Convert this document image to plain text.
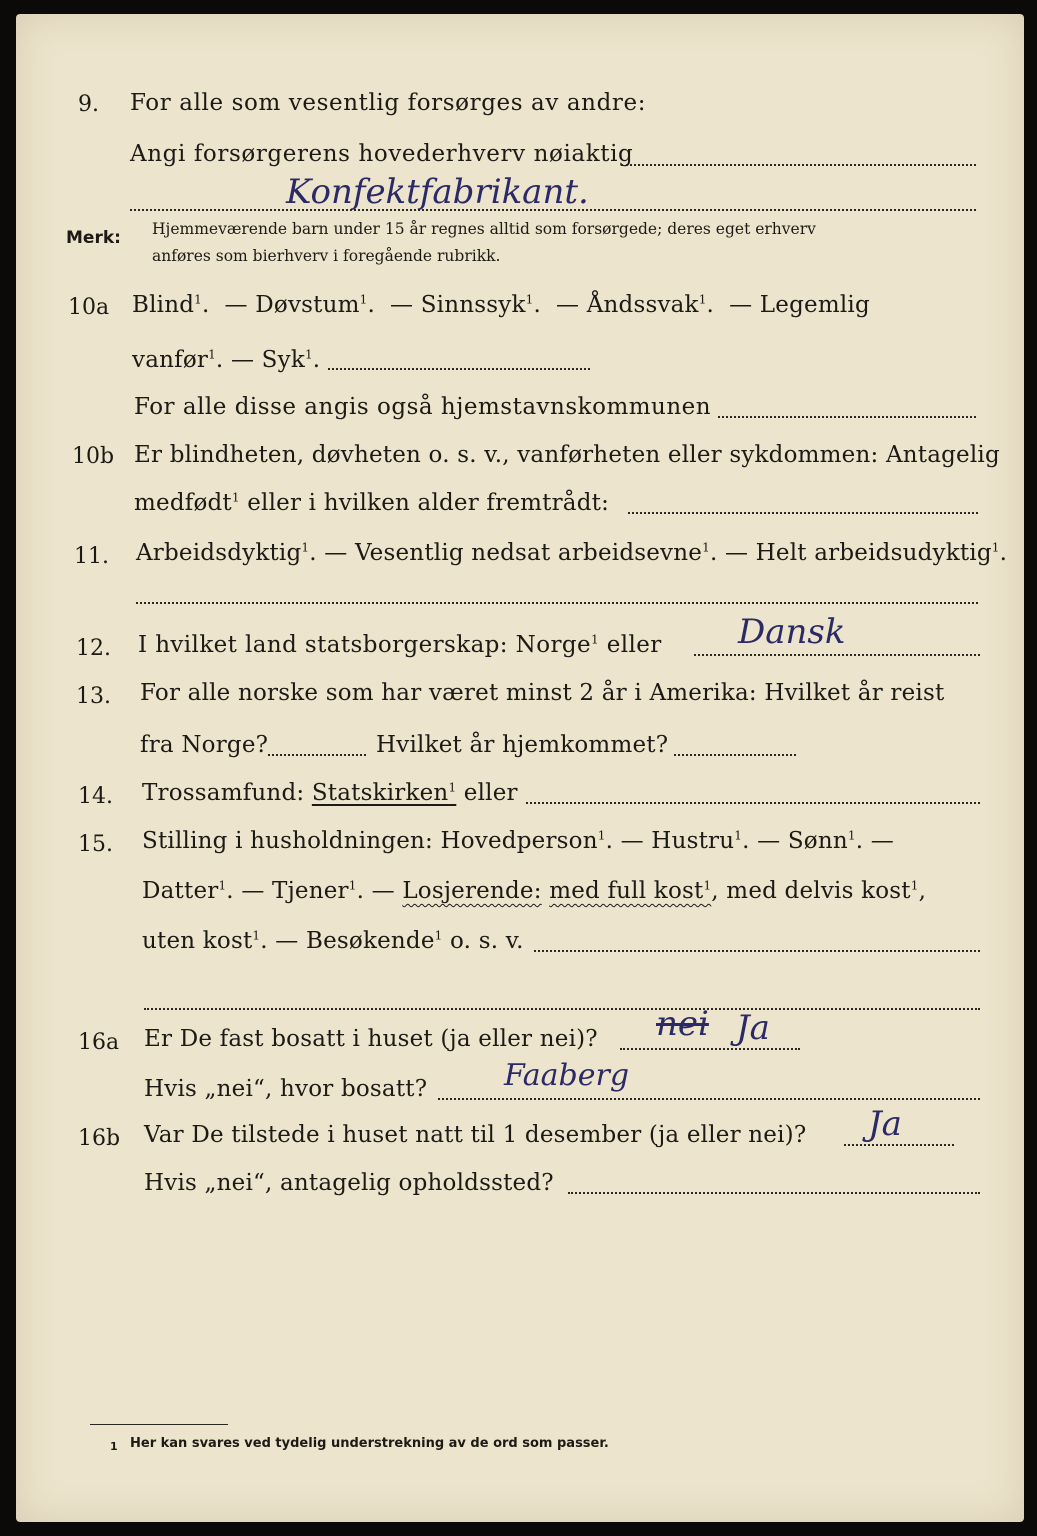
9. For alle som vesentlig forsørges av andre:
Angi forsørgerens hovederhverv nøiaktig
Konfektfabrikant.
Merk: Hjemmeværende barn under 15 år regnes alltid som forsørgede; deres eget erhverv
anføres som bierhverv i foregående rubrikk.
10a Blind$^1$.  — Døvstum$^1$.  — Sinnssyk$^1$.  — Åndssvak$^1$.  — Legemlig
vanfør$^1$. — Syk$^1$.
For alle disse angis også hjemstavnskommunen
10b Er blindheten, døvheten o. s. v., vanførheten eller sykdommen: Antagelig
medfødt$^1$ eller i hvilken alder fremtrådt:
11. Arbeidsdyktig$^1$. — Vesentlig nedsat arbeidsevne$^1$. — Helt arbeidsudyktig$^1$.
12. I hvilket land statsborgerskap: Norge$^1$ eller Dansk
13. For alle norske som har været minst 2 år i Amerika: Hvilket år reist
fra Norge?	Hvilket år hjemkommet?
14. Trossamfund: Statskirken$^1$ eller
15. Stilling i husholdningen: Hovedperson$^1$. — Hustru$^1$. — Sønn$^1$. —
Datter$^1$. — Tjener$^1$. — Losjerende: med full kost$^1$, med delvis kost$^1$,
uten kost$^1$. — Besøkende$^1$ o. s. v.
16a Er De fast bosatt i huset (ja eller nei)? nei Ja
Hvis „nei“, hvor bosatt?	Faaberg
16b Var De tilstede i huset natt til 1 desember (ja eller nei)? Ja
Hvis „nei“, antagelig opholdssted?
1 Her kan svares ved tydelig understrekning av de ord som passer.
